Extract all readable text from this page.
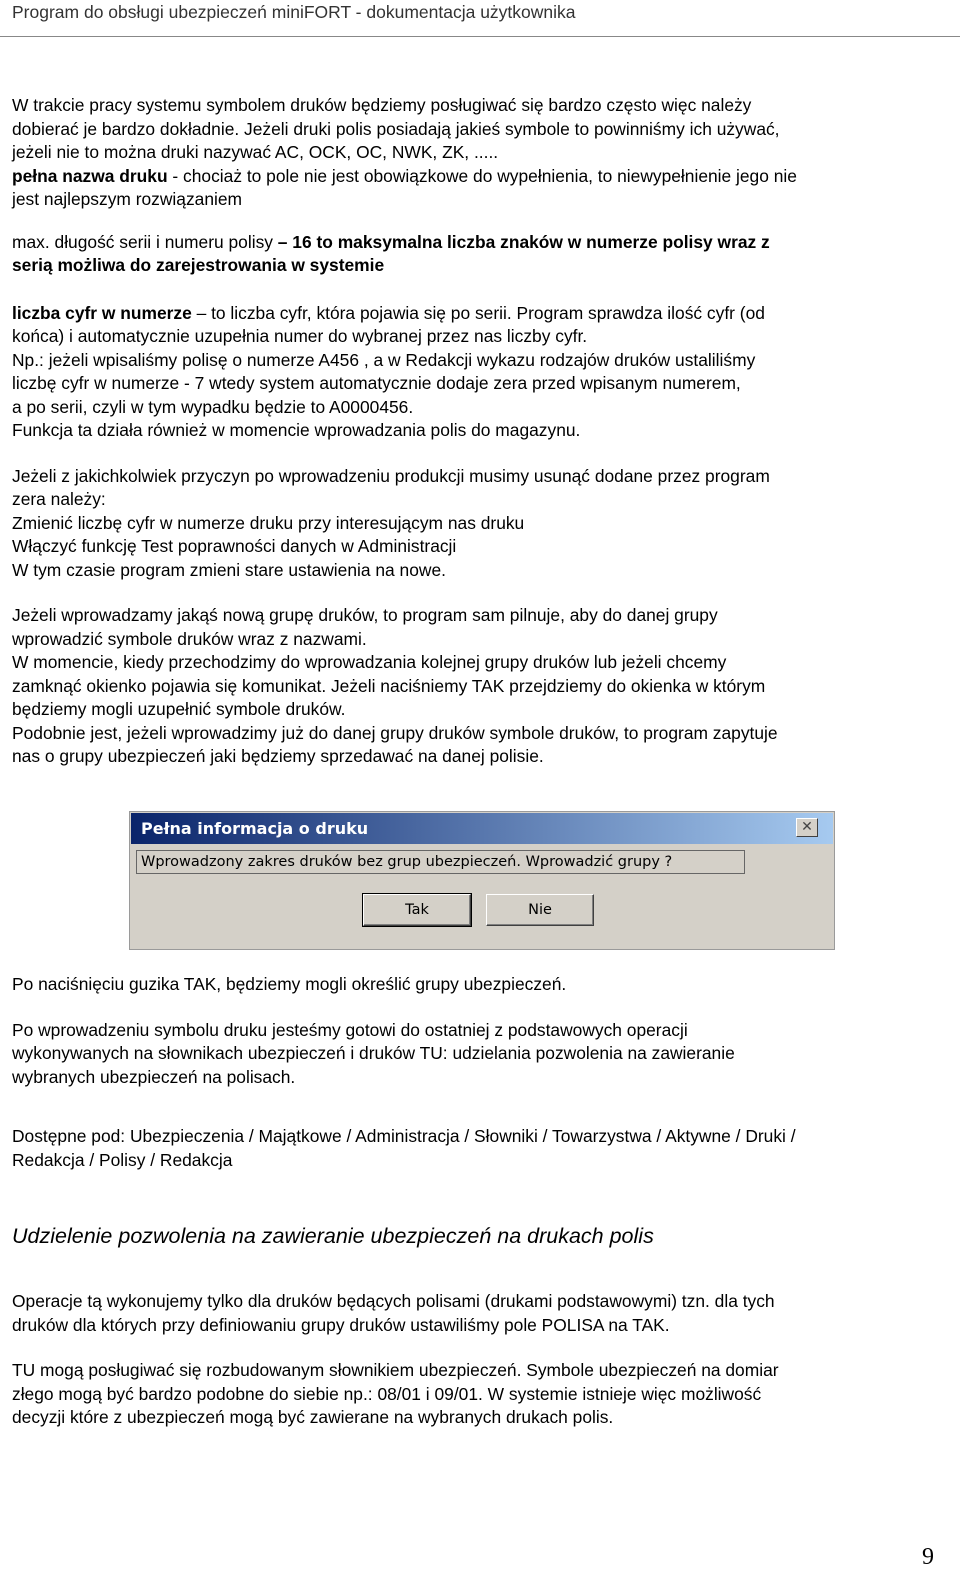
Program do obsługi ubezpieczeń miniFORT - dokumentacja użytkownika

W trakcie pracy systemu symbolem druków będziemy posługiwać się bardzo często więc należy

dobierać je bardzo dokładnie. Jeżeli druki polis posiadają jakieś symbole to powinniśmy ich używać,

jeżeli nie to można druki nazywać AC, OCK, OC, NWK, ZK, .....

pełna nazwa druku - chociaż to pole nie jest obowiązkowe do wypełnienia, to niewypełnienie jego nie

jest najlepszym rozwiązaniem

max. długość serii i numeru polisy – 16 to maksymalna liczba znaków w numerze polisy wraz z

serią możliwa do zarejestrowania w systemie

liczba cyfr w numerze – to liczba cyfr, która pojawia się po serii. Program sprawdza ilość cyfr (od

końca) i automatycznie uzupełnia numer do wybranej przez nas liczby cyfr.

Np.: jeżeli wpisaliśmy polisę o numerze A456 , a w Redakcji wykazu rodzajów druków ustaliliśmy

liczbę cyfr w numerze - 7 wtedy system automatycznie dodaje zera przed wpisanym numerem,

a po serii, czyli w tym wypadku będzie to A0000456.

Funkcja ta działa również w momencie wprowadzania polis do magazynu.

Jeżeli z jakichkolwiek przyczyn po wprowadzeniu produkcji musimy usunąć dodane przez program

zera należy:

Zmienić liczbę cyfr w numerze druku przy interesującym nas druku

Włączyć funkcję Test poprawności danych w Administracji

W tym czasie program zmieni stare ustawienia na nowe.

Jeżeli wprowadzamy jakąś nową grupę druków, to program sam pilnuje, aby do danej grupy

wprowadzić symbole druków wraz z nazwami.

W momencie, kiedy przechodzimy do wprowadzania kolejnej grupy druków lub jeżeli chcemy

zamknąć okienko pojawia się komunikat. Jeżeli naciśniemy TAK przejdziemy do okienka w którym

będziemy mogli uzupełnić symbole druków.

Podobnie jest, jeżeli wprowadzimy już do danej grupy druków symbole druków, to program zapytuje

nas o grupy ubezpieczeń jaki będziemy sprzedawać na danej polisie.

Pełna informacja o druku	✕
Wprowadzony zakres druków bez grup ubezpieczeń. Wprowadzić grupy ?
Tak	Nie

Po naciśnięciu guzika TAK, będziemy mogli określić grupy ubezpieczeń.

Po wprowadzeniu symbolu druku jesteśmy gotowi do ostatniej z podstawowych operacji

wykonywanych na słownikach ubezpieczeń i druków TU: udzielania pozwolenia na zawieranie

wybranych ubezpieczeń na polisach.

Dostępne pod: Ubezpieczenia / Majątkowe / Administracja / Słowniki / Towarzystwa / Aktywne / Druki /

Redakcja / Polisy / Redakcja

Udzielenie pozwolenia na zawieranie ubezpieczeń na drukach polis

Operacje tą wykonujemy tylko dla druków będących polisami (drukami podstawowymi) tzn. dla tych

druków dla których przy definiowaniu grupy druków ustawiliśmy pole POLISA na TAK.

TU mogą posługiwać się rozbudowanym słownikiem ubezpieczeń. Symbole ubezpieczeń na domiar

złego mogą być bardzo podobne do siebie np.: 08/01 i 09/01. W systemie istnieje więc możliwość

decyzji które z ubezpieczeń mogą być zawierane na wybranych drukach polis.

9
